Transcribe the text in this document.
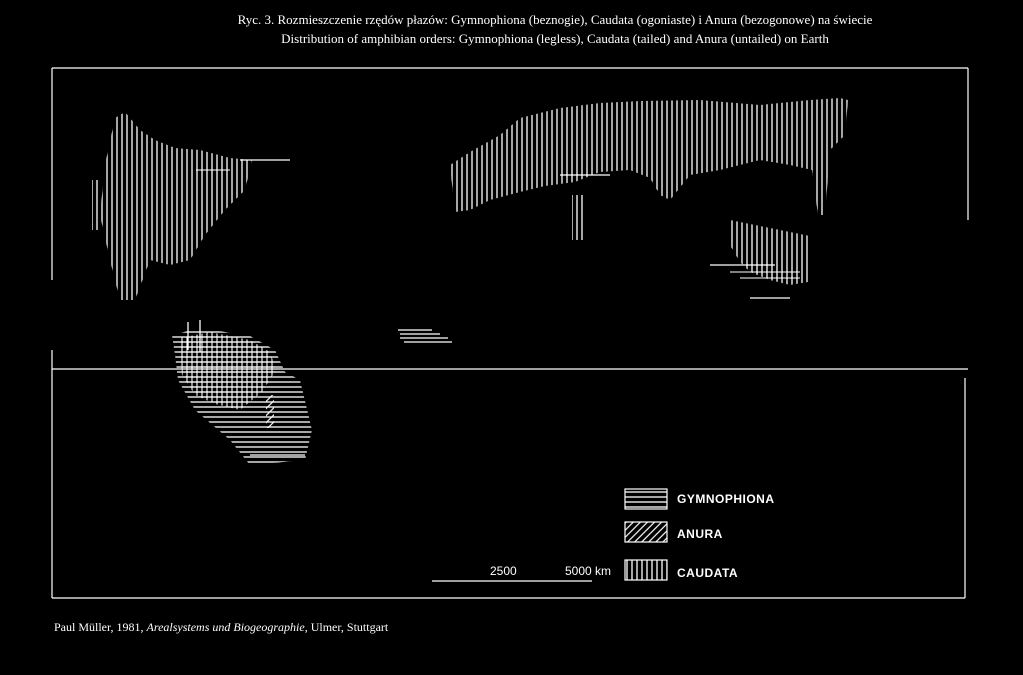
Ryc. 3. Rozmieszczenie rzędów płazów: Gymnophiona (beznogie), Caudata (ogoniaste) i Anura (bezogonowe) na świecie
Distribution of amphibian orders: Gymnophiona (legless), Caudata (tailed) and Anura (untailed) on Earth
GYMNOPHIONA
ANURA
CAUDATA
2500	5000 km
Paul Müller, 1981, Arealsystems und Biogeographie, Ulmer, Stuttgart
